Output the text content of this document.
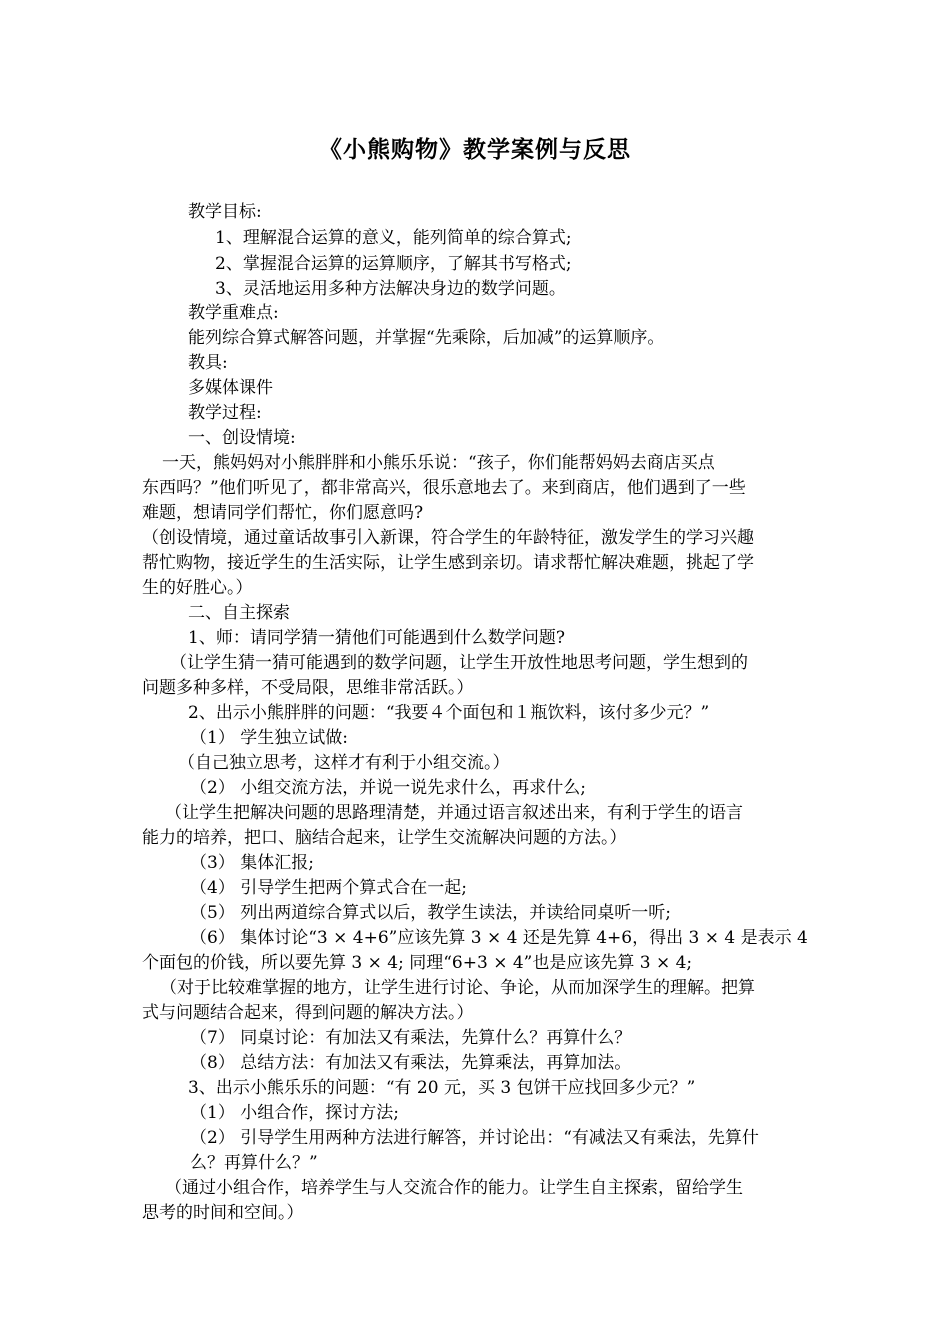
《小熊购物》教学案例与反思
教学目标:
1、理解混合运算的意义，能列简单的综合算式;
2、掌握混合运算的运算顺序，了解其书写格式;
3、灵活地运用多种方法解决身边的数学问题。
教学重难点:
能列综合算式解答问题，并掌握“先乘除，后加减”的运算顺序。
教具:
多媒体课件
教学过程:
一、创设情境:
一天，熊妈妈对小熊胖胖和小熊乐乐说：“孩子，你们能帮妈妈去商店买点
东西吗？”他们听见了，都非常高兴，很乐意地去了。来到商店，他们遇到了一些
难题，想请同学们帮忙，你们愿意吗?
（创设情境，通过童话故事引入新课，符合学生的年龄特征，激发学生的学习兴趣
帮忙购物，接近学生的生活实际，让学生感到亲切。请求帮忙解决难题，挑起了学
生的好胜心。）
二、自主探索
1、师：请同学猜一猜他们可能遇到什么数学问题?
（让学生猜一猜可能遇到的数学问题，让学生开放性地思考问题，学生想到的
问题多种多样，不受局限，思维非常活跃。）
2、出示小熊胖胖的问题：“我要４个面包和１瓶饮料，该付多少元？”
（1） 学生独立试做:
（自己独立思考，这样才有利于小组交流。）
（2） 小组交流方法，并说一说先求什么，再求什么;
（让学生把解决问题的思路理清楚，并通过语言叙述出来，有利于学生的语言
能力的培养，把口、脑结合起来，让学生交流解决问题的方法。）
（3） 集体汇报;
（4） 引导学生把两个算式合在一起;
（5） 列出两道综合算式以后，教学生读法，并读给同桌听一听;
（6） 集体讨论“3 × 4+6”应该先算 3 × 4 还是先算 4+6，得出 3 × 4 是表示 4
个面包的价钱，所以要先算 3 × 4; 同理“6+3 × 4”也是应该先算 3 × 4;
（对于比较难掌握的地方，让学生进行讨论、争论，从而加深学生的理解。把算
式与问题结合起来，得到问题的解决方法。）
（7） 同桌讨论：有加法又有乘法，先算什么？再算什么？
（8） 总结方法：有加法又有乘法，先算乘法，再算加法。
3、出示小熊乐乐的问题：“有 20 元，买 3 包饼干应找回多少元？”
（1） 小组合作，探讨方法;
（2） 引导学生用两种方法进行解答，并讨论出：“有减法又有乘法，先算什
么？再算什么？”
（通过小组合作，培养学生与人交流合作的能力。让学生自主探索，留给学生
思考的时间和空间。）
